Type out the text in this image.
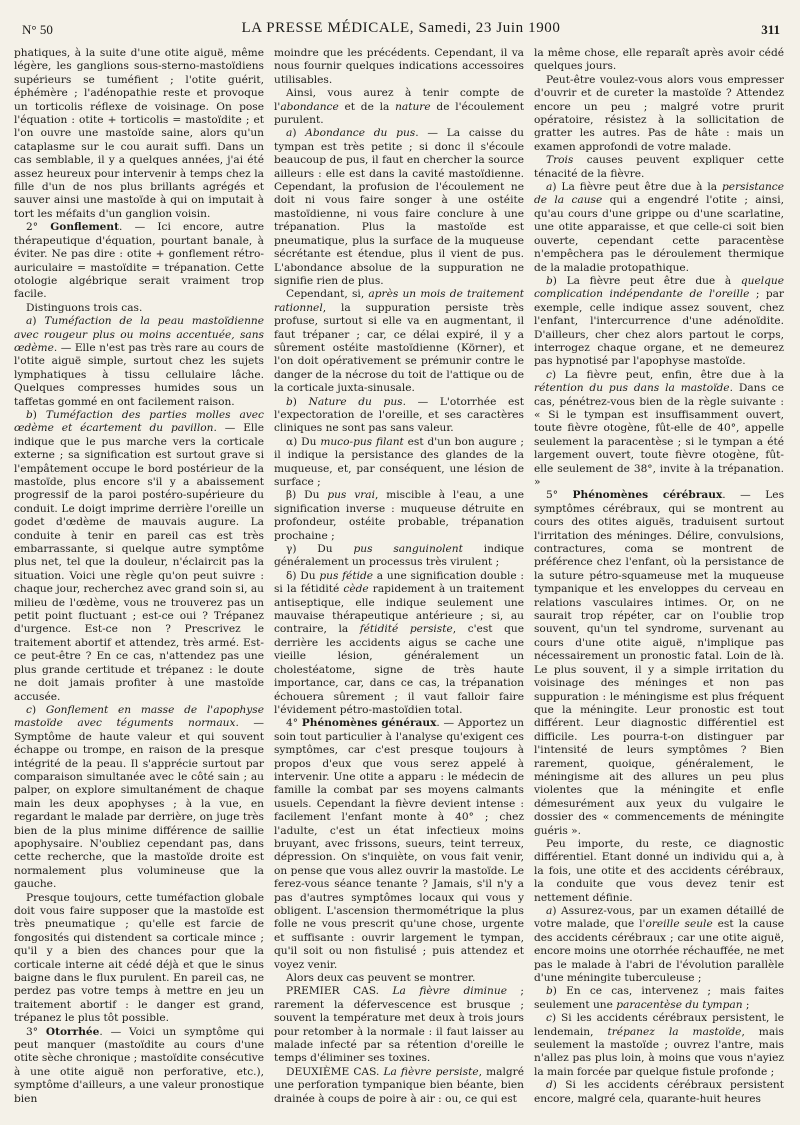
N° 50	LA PRESSE MÉDICALE, Samedi, 23 Juin 1900	311

phatiques, à la suite d'une otite aiguë, même légère, les ganglions sous-sterno-mastoïdiens supérieurs se tuméfient ; l'otite guérit, éphémère ; l'adénopathie reste et provoque un torticolis réflexe de voisinage. On pose l'équation : otite + torticolis = mastoïdite ; et l'on ouvre une mastoïde saine, alors qu'un cataplasme sur le cou aurait suffi. Dans un cas semblable, il y a quelques années, j'ai été assez heureux pour intervenir à temps chez la fille d'un de nos plus brillants agrégés et sauver ainsi une mastoïde à qui on imputait à tort les méfaits d'un ganglion voisin.

2° Gonflement. — Ici encore, autre thérapeutique d'équation, pourtant banale, à éviter. Ne pas dire : otite + gonflement rétro-auriculaire = mastoïdite = trépanation. Cette otologie algébrique serait vraiment trop facile.

Distinguons trois cas.

a) Tuméfaction de la peau mastoïdienne avec rougeur plus ou moins accentuée, sans œdème. — Elle n'est pas très rare au cours de l'otite aiguë simple, surtout chez les sujets lymphatiques à tissu cellulaire lâche. Quelques compresses humides sous un taffetas gommé en ont facilement raison.

b) Tuméfaction des parties molles avec œdème et écartement du pavillon. — Elle indique que le pus marche vers la corticale externe ; sa signification est surtout grave si l'empâtement occupe le bord postérieur de la mastoïde, plus encore s'il y a abaissement progressif de la paroi postéro-supérieure du conduit. Le doigt imprime derrière l'oreille un godet d'œdème de mauvais augure. La conduite à tenir en pareil cas est très embarrassante, si quelque autre symptôme plus net, tel que la douleur, n'éclaircit pas la situation. Voici une règle qu'on peut suivre : chaque jour, recherchez avec grand soin si, au milieu de l'œdème, vous ne trouverez pas un petit point fluctuant ; est-ce oui ? Trépanez d'urgence. Est-ce non ? Prescrivez le traitement abortif et attendez, très armé. Est-ce peut-être ? En ce cas, n'attendez pas une plus grande certitude et trépanez : le doute ne doit jamais profiter à une mastoïde accusée.

c) Gonflement en masse de l'apophyse mastoïde avec téguments normaux. — Symptôme de haute valeur et qui souvent échappe ou trompe, en raison de la presque intégrité de la peau. Il s'apprécie surtout par comparaison simultanée avec le côté sain ; au palper, on explore simultanément de chaque main les deux apophyses ; à la vue, en regardant le malade par derrière, on juge très bien de la plus minime différence de saillie apophysaire. N'oubliez cependant pas, dans cette recherche, que la mastoïde droite est normalement plus volumineuse que la gauche.

Presque toujours, cette tuméfaction globale doit vous faire supposer que la mastoïde est très pneumatique ; qu'elle est farcie de fongosités qui distendent sa corticale mince ; qu'il y a bien des chances pour que la corticale interne ait cédé déjà et que le sinus baigne dans le flux purulent. En pareil cas, ne perdez pas votre temps à mettre en jeu un traitement abortif : le danger est grand, trépanez le plus tôt possible.

3° Otorrhée. — Voici un symptôme qui peut manquer (mastoïdite au cours d'une otite sèche chronique ; mastoïdite consécutive à une otite aiguë non perforative, etc.), symptôme d'ailleurs, a une valeur pronostique bien

moindre que les précédents. Cependant, il va nous fournir quelques indications accessoires utilisables.

Ainsi, vous aurez à tenir compte de l'abondance et de la nature de l'écoulement purulent.

a) Abondance du pus. — La caisse du tympan est très petite ; si donc il s'écoule beaucoup de pus, il faut en chercher la source ailleurs : elle est dans la cavité mastoïdienne. Cependant, la profusion de l'écoulement ne doit ni vous faire songer à une ostéite mastoïdienne, ni vous faire conclure à une trépanation. Plus la mastoïde est pneumatique, plus la surface de la muqueuse sécrétante est étendue, plus il vient de pus. L'abondance absolue de la suppuration ne signifie rien de plus.

Cependant, si, après un mois de traitement rationnel, la suppuration persiste très profuse, surtout si elle va en augmentant, il faut trépaner ; car, ce délai expiré, il y a sûrement ostéite mastoïdienne (Körner), et l'on doit opérativement se prémunir contre le danger de la nécrose du toit de l'attique ou de la corticale juxta-sinusale.

b) Nature du pus. — L'otorrhée est l'expectoration de l'oreille, et ses caractères cliniques ne sont pas sans valeur.

α) Du muco-pus filant est d'un bon augure ; il indique la persistance des glandes de la muqueuse, et, par conséquent, une lésion de surface ;

β) Du pus vrai, miscible à l'eau, a une signification inverse : muqueuse détruite en profondeur, ostéite probable, trépanation prochaine ;

γ) Du pus sanguinolent indique généralement un processus très virulent ;

δ) Du pus fétide a une signification double : si la fétidité cède rapidement à un traitement antiseptique, elle indique seulement une mauvaise thérapeutique antérieure ; si, au contraire, la fétidité persiste, c'est que derrière les accidents aigus se cache une vieille lésion, généralement un cholestéatome, signe de très haute importance, car, dans ce cas, la trépanation échouera sûrement ; il vaut falloir faire l'évidement pétro-mastoïdien total.

4° Phénomènes généraux. — Apportez un soin tout particulier à l'analyse qu'exigent ces symptômes, car c'est presque toujours à propos d'eux que vous serez appelé à intervenir. Une otite a apparu : le médecin de famille la combat par ses moyens calmants usuels. Cependant la fièvre devient intense : facilement l'enfant monte à 40° ; chez l'adulte, c'est un état infectieux moins bruyant, avec frissons, sueurs, teint terreux, dépression. On s'inquiète, on vous fait venir, on pense que vous allez ouvrir la mastoïde. Le ferez-vous séance tenante ? Jamais, s'il n'y a pas d'autres symptômes locaux qui vous y obligent. L'ascension thermométrique la plus folle ne vous prescrit qu'une chose, urgente et suffisante : ouvrir largement le tympan, qu'il soit ou non fistulisé ; puis attendez et voyez venir.

Alors deux cas peuvent se montrer.

PREMIER CAS. La fièvre diminue ; rarement la défervescence est brusque ; souvent la température met deux à trois jours pour retomber à la normale : il faut laisser au malade infecté par sa rétention d'oreille le temps d'éliminer ses toxines.

DEUXIÈME CAS. La fièvre persiste, malgré une perforation tympanique bien béante, bien drainée à coups de poire à air : ou, ce qui est

la même chose, elle reparaît après avoir cédé quelques jours.

Peut-être voulez-vous alors vous empresser d'ouvrir et de cureter la mastoïde ? Attendez encore un peu ; malgré votre prurit opératoire, résistez à la sollicitation de gratter les autres. Pas de hâte : mais un examen approfondi de votre malade.

Trois causes peuvent expliquer cette ténacité de la fièvre.

a) La fièvre peut être due à la persistance de la cause qui a engendré l'otite ; ainsi, qu'au cours d'une grippe ou d'une scarlatine, une otite apparaisse, et que celle-ci soit bien ouverte, cependant cette paracentèse n'empêchera pas le déroulement thermique de la maladie protopathique.

b) La fièvre peut être due à quelque complication indépendante de l'oreille ; par exemple, celle indique assez souvent, chez l'enfant, l'intercurrence d'une adénoïdite. D'ailleurs, cher chez alors partout le corps, interrogez chaque organe, et ne demeurez pas hypnotisé par l'apophyse mastoïde.

c) La fièvre peut, enfin, être due à la rétention du pus dans la mastoïde. Dans ce cas, pénétrez-vous bien de la règle suivante : « Si le tympan est insuffisamment ouvert, toute fièvre otogène, fût-elle de 40°, appelle seulement la paracentèse ; si le tympan a été largement ouvert, toute fièvre otogène, fût-elle seulement de 38°, invite à la trépanation. »

5° Phénomènes cérébraux. — Les symptômes cérébraux, qui se montrent au cours des otites aiguës, traduisent surtout l'irritation des méninges. Délire, convulsions, contractures, coma se montrent de préférence chez l'enfant, où la persistance de la suture pétro-squameuse met la muqueuse tympanique et les enveloppes du cerveau en relations vasculaires intimes. Or, on ne saurait trop répéter, car on l'oublie trop souvent, qu'un tel syndrome, survenant au cours d'une otite aiguë, n'implique pas nécessairement un pronostic fatal. Loin de là. Le plus souvent, il y a simple irritation du voisinage des méninges et non pas suppuration : le méningisme est plus fréquent que la méningite. Leur pronostic est tout différent. Leur diagnostic différentiel est difficile. Les pourra-t-on distinguer par l'intensité de leurs symptômes ? Bien rarement, quoique, généralement, le méningisme ait des allures un peu plus violentes que la méningite et enfle démesurément aux yeux du vulgaire le dossier des « commencements de méningite guéris ».

Peu importe, du reste, ce diagnostic différentiel. Etant donné un individu qui a, à la fois, une otite et des accidents cérébraux, la conduite que vous devez tenir est nettement définie.

a) Assurez-vous, par un examen détaillé de votre malade, que l'oreille seule est la cause des accidents cérébraux ; car une otite aiguë, encore moins une otorrhée réchauffée, ne met pas le malade à l'abri de l'évolution parallèle d'une méningite tuberculeuse ;

b) En ce cas, intervenez ; mais faites seulement une paracentèse du tympan ;

c) Si les accidents cérébraux persistent, le lendemain, trépanez la mastoïde, mais seulement la mastoïde ; ouvrez l'antre, mais n'allez pas plus loin, à moins que vous n'ayiez la main forcée par quelque fistule profonde ;

d) Si les accidents cérébraux persistent encore, malgré cela, quarante-huit heures
